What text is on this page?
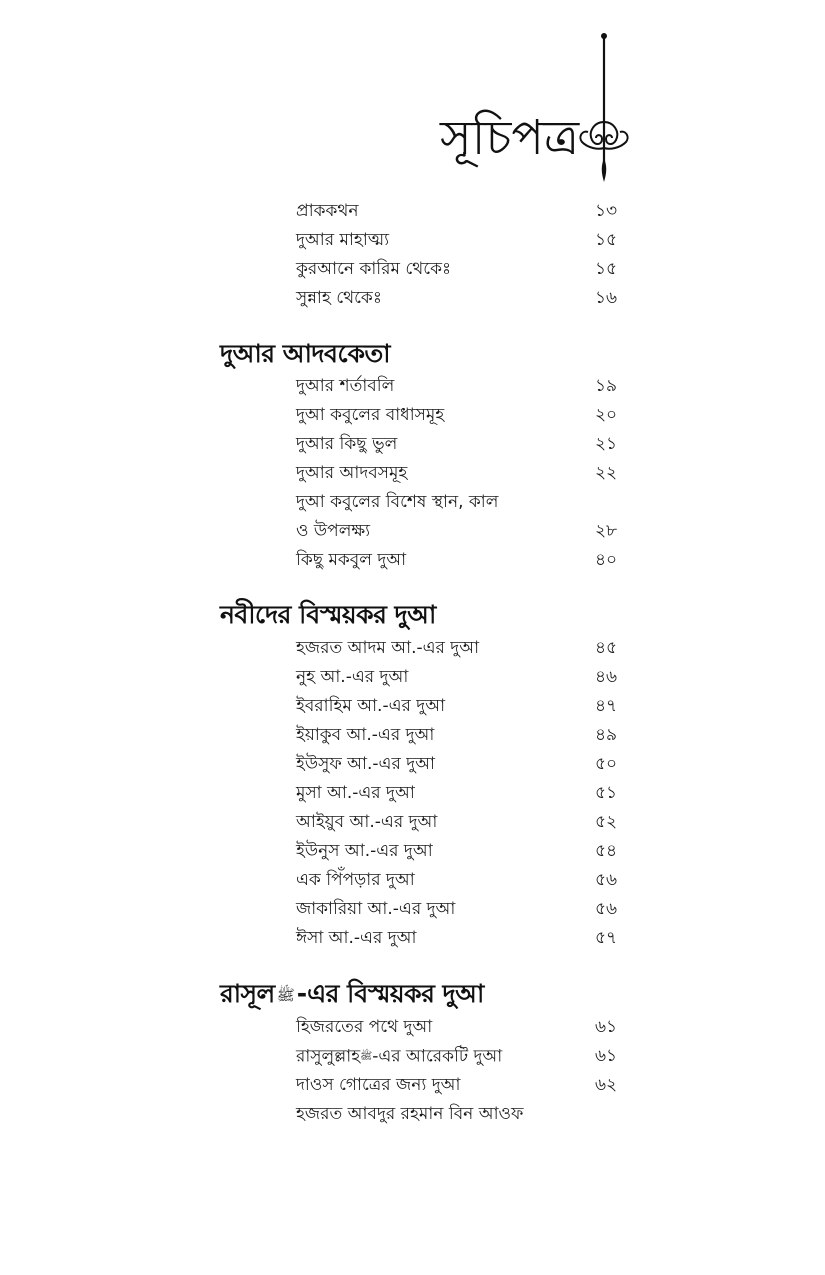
সূচিপত্র
প্রাককথন	১৩
দুআর মাহাত্ম্য	১৫
কুরআনে কারিম থেকেঃ	১৫
সুন্নাহ থেকেঃ	১৬
দুআর আদবকেতা
দুআর শর্তাবলি	১৯
দুআ কবুলের বাধাসমূহ	২০
দুআর কিছু ভুল	২১
দুআর আদবসমূহ	২২
দুআ কবুলের বিশেষ স্থান, কাল
ও উপলক্ষ্য	২৮
কিছু মকবুল দুআ	৪০
নবীদের বিস্ময়কর দুআ
হজরত আদম আ.-এর দুআ	৪৫
নুহ আ.-এর দুআ	৪৬
ইবরাহিম আ.-এর দুআ	৪৭
ইয়াকুব আ.-এর দুআ	৪৯
ইউসুফ আ.-এর দুআ	৫০
মুসা আ.-এর দুআ	৫১
আইয়ুব আ.-এর দুআ	৫২
ইউনুস আ.-এর দুআ	৫৪
এক পিঁপড়ার দুআ	৫৬
জাকারিয়া আ.-এর দুআ	৫৬
ঈসা আ.-এর দুআ	৫৭
রাসূল ﷺ-এর বিস্ময়কর দুআ
হিজরতের পথে দুআ	৬১
রাসুলুল্লাহﷺ-এর আরেকটি দুআ	৬১
দাওস গোত্রের জন্য দুআ	৬২
হজরত আবদুর রহমান বিন আওফ
